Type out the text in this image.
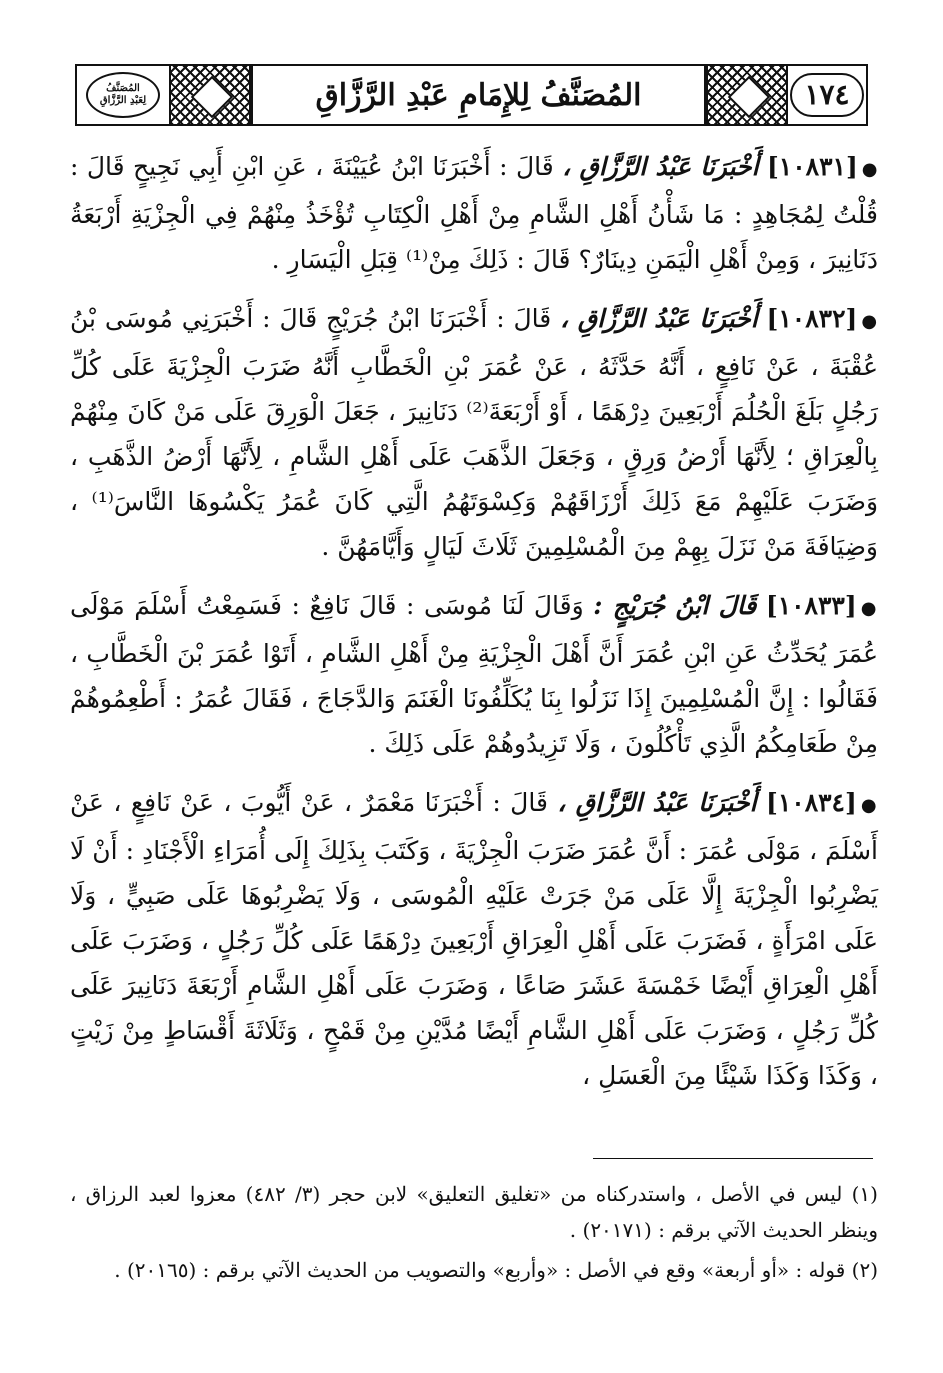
١٧٤
المُصَنَّفُ لِلإِمَامِ عَبْدِ الرَّزَّاقِ
المُصَنَّفُ
لِعَبْدِ الرَّزَّاقِ

●[١٠٨٣١] أَخْبَرَنَا عَبْدُ الرَّزَّاقِ ، قَالَ : أَخْبَرَنَا ابْنُ عُيَيْنَةَ ، عَنِ ابْنِ أَبِي نَجِيحٍ قَالَ : قُلْتُ لِمُجَاهِدٍ : مَا شَأْنُ أَهْلِ الشَّامِ مِنْ أَهْلِ الْكِتَابِ تُؤْخَذُ مِنْهُمْ فِي الْجِزْيَةِ أَرْبَعَةُ دَنَانِيرَ ، وَمِنْ أَهْلِ الْيَمَنِ دِينَارٌ؟ قَالَ : ذَلِكَ مِنْ⁽¹⁾ قِبَلِ الْيَسَارِ .

●[١٠٨٣٢] أَخْبَرَنَا عَبْدُ الرَّزَّاقِ ، قَالَ : أَخْبَرَنَا ابْنُ جُرَيْجٍ قَالَ : أَخْبَرَنِي مُوسَى بْنُ عُقْبَةَ ، عَنْ نَافِعٍ ، أَنَّهُ حَدَّثَهُ ، عَنْ عُمَرَ بْنِ الْخَطَّابِ أَنَّهُ ضَرَبَ الْجِزْيَةَ عَلَى كُلِّ رَجُلٍ بَلَغَ الْحُلُمَ أَرْبَعِينَ دِرْهَمًا ، أَوْ أَرْبَعَةَ⁽²⁾ دَنَانِيرَ ، جَعَلَ الْوَرِقَ عَلَى مَنْ كَانَ مِنْهُمْ بِالْعِرَاقِ ؛ لِأَنَّهَا أَرْضُ وَرِقٍ ، وَجَعَلَ الذَّهَبَ عَلَى أَهْلِ الشَّامِ ، لِأَنَّهَا أَرْضُ الذَّهَبِ ، وَضَرَبَ عَلَيْهِمْ مَعَ ذَلِكَ أَرْزَاقَهُمْ وَكِسْوَتَهُمُ الَّتِي كَانَ عُمَرُ يَكْسُوهَا النَّاسَ⁽¹⁾ ، وَضِيَافَةَ مَنْ نَزَلَ بِهِمْ مِنَ الْمُسْلِمِينَ ثَلَاثَ لَيَالٍ وَأَيَّامَهُنَّ .

●[١٠٨٣٣] قَالَ ابْنُ جُرَيْجٍ : وَقَالَ لَنَا مُوسَى : قَالَ نَافِعٌ : فَسَمِعْتُ أَسْلَمَ مَوْلَى عُمَرَ يُحَدِّثُ عَنِ ابْنِ عُمَرَ أَنَّ أَهْلَ الْجِزْيَةِ مِنْ أَهْلِ الشَّامِ ، أَتَوْا عُمَرَ بْنَ الْخَطَّابِ ، فَقَالُوا : إِنَّ الْمُسْلِمِينَ إِذَا نَزَلُوا بِنَا يُكَلِّفُونَا الْغَنَمَ وَالدَّجَاجَ ، فَقَالَ عُمَرُ : أَطْعِمُوهُمْ مِنْ طَعَامِكُمُ الَّذِي تَأْكُلُونَ ، وَلَا تَزِيدُوهُمْ عَلَى ذَلِكَ .

●[١٠٨٣٤] أَخْبَرَنَا عَبْدُ الرَّزَّاقِ ، قَالَ : أَخْبَرَنَا مَعْمَرٌ ، عَنْ أَيُّوبَ ، عَنْ نَافِعٍ ، عَنْ أَسْلَمَ ، مَوْلَى عُمَرَ : أَنَّ عُمَرَ ضَرَبَ الْجِزْيَةَ ، وَكَتَبَ بِذَلِكَ إِلَى أُمَرَاءِ الْأَجْنَادِ : أَنْ لَا يَضْرِبُوا الْجِزْيَةَ إِلَّا عَلَى مَنْ جَرَتْ عَلَيْهِ الْمُوسَى ، وَلَا يَضْرِبُوهَا عَلَى صَبِيٍّ ، وَلَا عَلَى امْرَأَةٍ ، فَضَرَبَ عَلَى أَهْلِ الْعِرَاقِ أَرْبَعِينَ دِرْهَمًا عَلَى كُلِّ رَجُلٍ ، وَضَرَبَ عَلَى أَهْلِ الْعِرَاقِ أَيْضًا خَمْسَةَ عَشَرَ صَاعًا ، وَضَرَبَ عَلَى أَهْلِ الشَّامِ أَرْبَعَةَ دَنَانِيرَ عَلَى كُلِّ رَجُلٍ ، وَضَرَبَ عَلَى أَهْلِ الشَّامِ أَيْضًا مُدَّيْنِ مِنْ قَمْحٍ ، وَثَلَاثَةَ أَقْسَاطٍ مِنْ زَيْتٍ ، وَكَذَا وَكَذَا شَيْئًا مِنَ الْعَسَلِ ،

(١) ليس في الأصل ، واستدركناه من «تغليق التعليق» لابن حجر (٣/ ٤٨٢) معزوا لعبد الرزاق ، وينظر الحديث الآتي برقم : (٢٠١٧١) .

(٢) قوله : «أو أربعة» وقع في الأصل : «وأربع» والتصويب من الحديث الآتي برقم : (٢٠١٦٥) .
